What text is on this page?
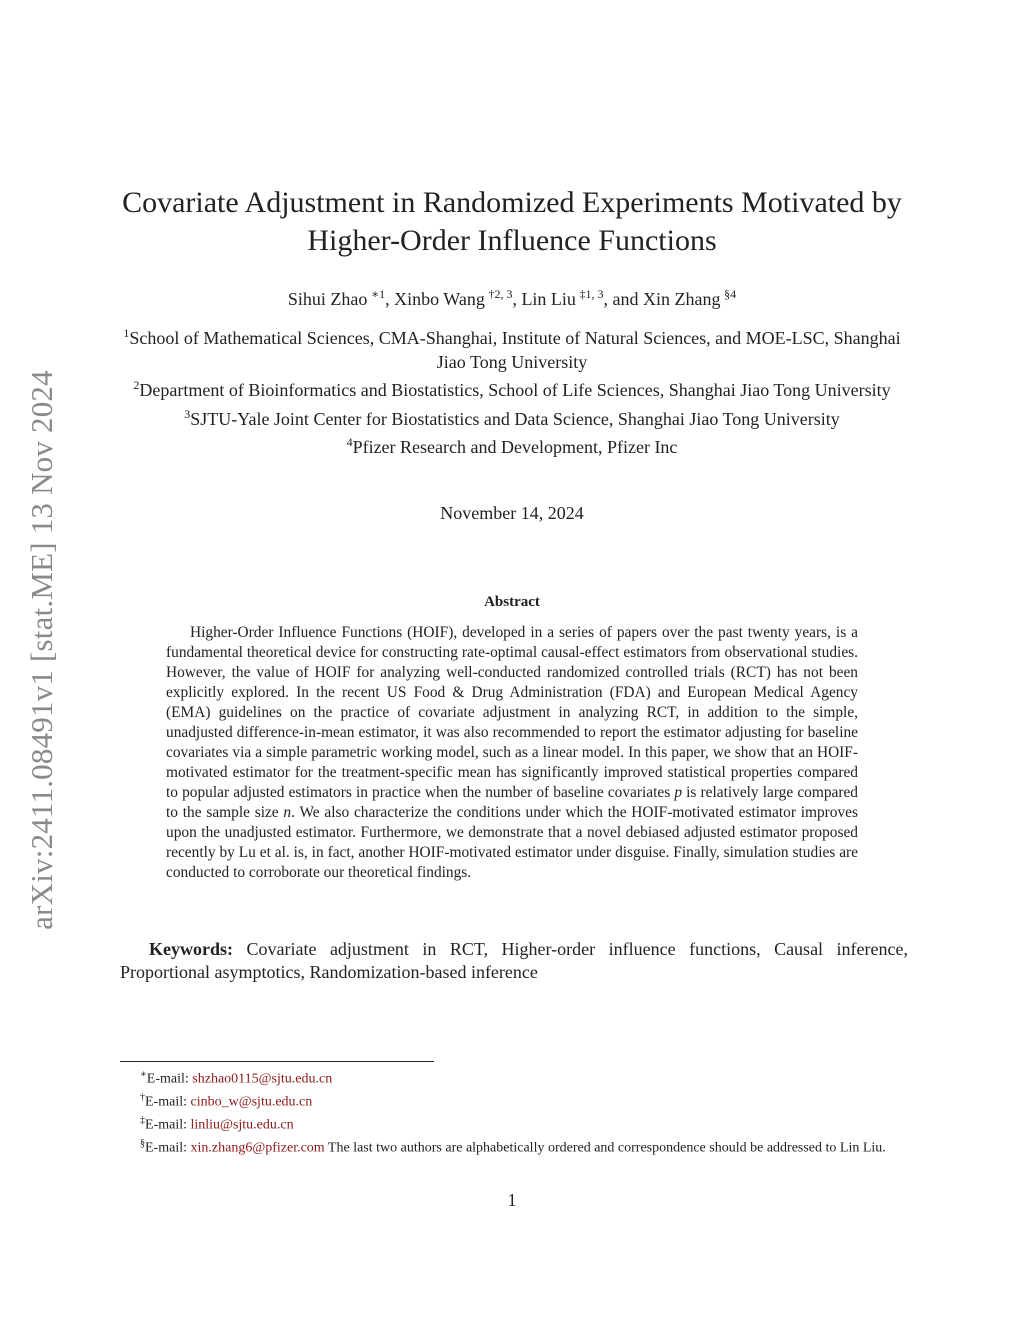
arXiv:2411.08491v1 [stat.ME] 13 Nov 2024
Covariate Adjustment in Randomized Experiments Motivated by
Higher-Order Influence Functions
Sihui Zhao  $^{∗1}$, Xinbo Wang  $^{\dagger 2, 3}$, Lin Liu  $^{\ddagger 1, 3}$, and Xin Zhang  $^{\S 4}$

$^1$School of Mathematical Sciences, CMA-Shanghai, Institute of Natural Sciences, and MOE-LSC, Shanghai Jiao Tong University

$^2$Department of Bioinformatics and Biostatistics, School of Life Sciences, Shanghai Jiao Tong University

$^3$SJTU-Yale Joint Center for Biostatistics and Data Science, Shanghai Jiao Tong University

$^4$Pfizer Research and Development, Pfizer Inc

November 14, 2024
Abstract

Higher-Order Influence Functions (HOIF), developed in a series of papers over the past twenty years, is a fundamental theoretical device for constructing rate-optimal causal-effect estimators from observational studies. However, the value of HOIF for analyzing well-conducted randomized controlled trials (RCT) has not been explicitly explored. In the recent US Food & Drug Administration (FDA) and European Medical Agency (EMA) guidelines on the practice of covariate adjustment in analyzing RCT, in addition to the simple, unadjusted difference-in-mean estimator, it was also recommended to report the estimator adjusting for baseline covariates via a simple parametric working model, such as a linear model. In this paper, we show that an HOIF-motivated estimator for the treatment-specific mean has significantly improved statistical properties compared to popular adjusted estimators in practice when the number of baseline covariates p is relatively large compared to the sample size n. We also characterize the conditions under which the HOIF-motivated estimator improves upon the unadjusted estimator. Furthermore, we demonstrate that a novel debiased adjusted estimator proposed recently by Lu et al. is, in fact, another HOIF-motivated estimator under disguise. Finally, simulation studies are conducted to corroborate our theoretical findings.

Keywords: Covariate adjustment in RCT, Higher-order influence functions, Causal inference, Proportional asymptotics, Randomization-based inference

∗E-mail: shzhao0115@sjtu.edu.cn

†E-mail: cinbo_w@sjtu.edu.cn

‡E-mail: linliu@sjtu.edu.cn

§E-mail: xin.zhang6@pfizer.com The last two authors are alphabetically ordered and correspondence should be addressed to Lin Liu.

1
